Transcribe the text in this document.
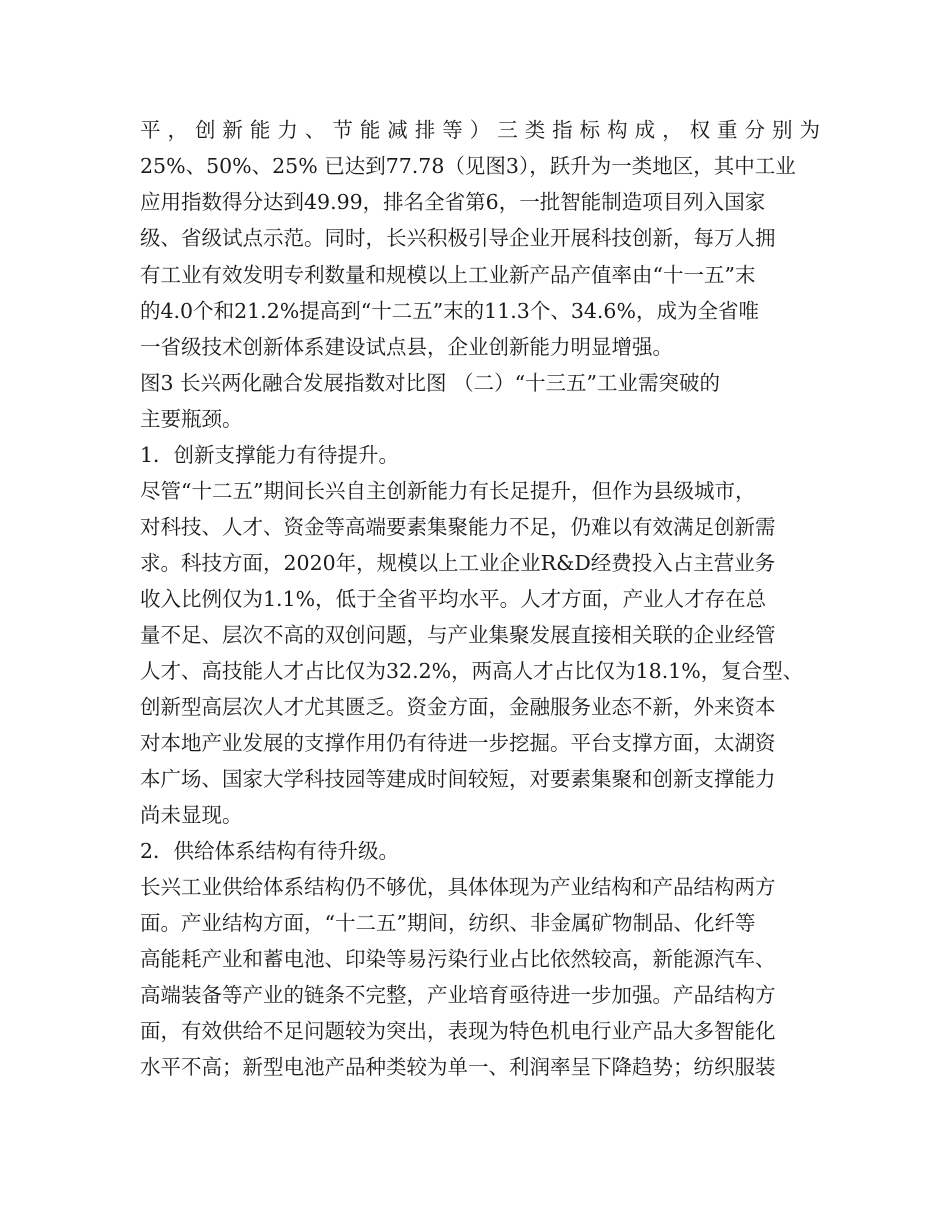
平，创新能力、节能减排等）三类指标构成，权重分别为
25%、50%、25% 已达到77.78（见图3），跃升为一类地区，其中工业
应用指数得分达到49.99，排名全省第6，一批智能制造项目列入国家
级、省级试点示范。同时，长兴积极引导企业开展科技创新，每万人拥
有工业有效发明专利数量和规模以上工业新产品产值率由“十一五”末
的4.0个和21.2%提高到“十二五”末的11.3个、34.6%，成为全省唯
一省级技术创新体系建设试点县，企业创新能力明显增强。
图3 长兴两化融合发展指数对比图 （二）“十三五”工业需突破的
主要瓶颈。
1．创新支撑能力有待提升。
尽管“十二五”期间长兴自主创新能力有长足提升，但作为县级城市，
对科技、人才、资金等高端要素集聚能力不足，仍难以有效满足创新需
求。科技方面，2020年，规模以上工业企业R&D经费投入占主营业务
收入比例仅为1.1%，低于全省平均水平。人才方面，产业人才存在总
量不足、层次不高的双创问题，与产业集聚发展直接相关联的企业经管
人才、高技能人才占比仅为32.2%，两高人才占比仅为18.1%，复合型、
创新型高层次人才尤其匮乏。资金方面，金融服务业态不新，外来资本
对本地产业发展的支撑作用仍有待进一步挖掘。平台支撑方面，太湖资
本广场、国家大学科技园等建成时间较短，对要素集聚和创新支撑能力
尚未显现。
2．供给体系结构有待升级。
长兴工业供给体系结构仍不够优，具体体现为产业结构和产品结构两方
面。产业结构方面，“十二五”期间，纺织、非金属矿物制品、化纤等
高能耗产业和蓄电池、印染等易污染行业占比依然较高，新能源汽车、
高端装备等产业的链条不完整，产业培育亟待进一步加强。产品结构方
面，有效供给不足问题较为突出，表现为特色机电行业产品大多智能化
水平不高；新型电池产品种类较为单一、利润率呈下降趋势；纺织服装
